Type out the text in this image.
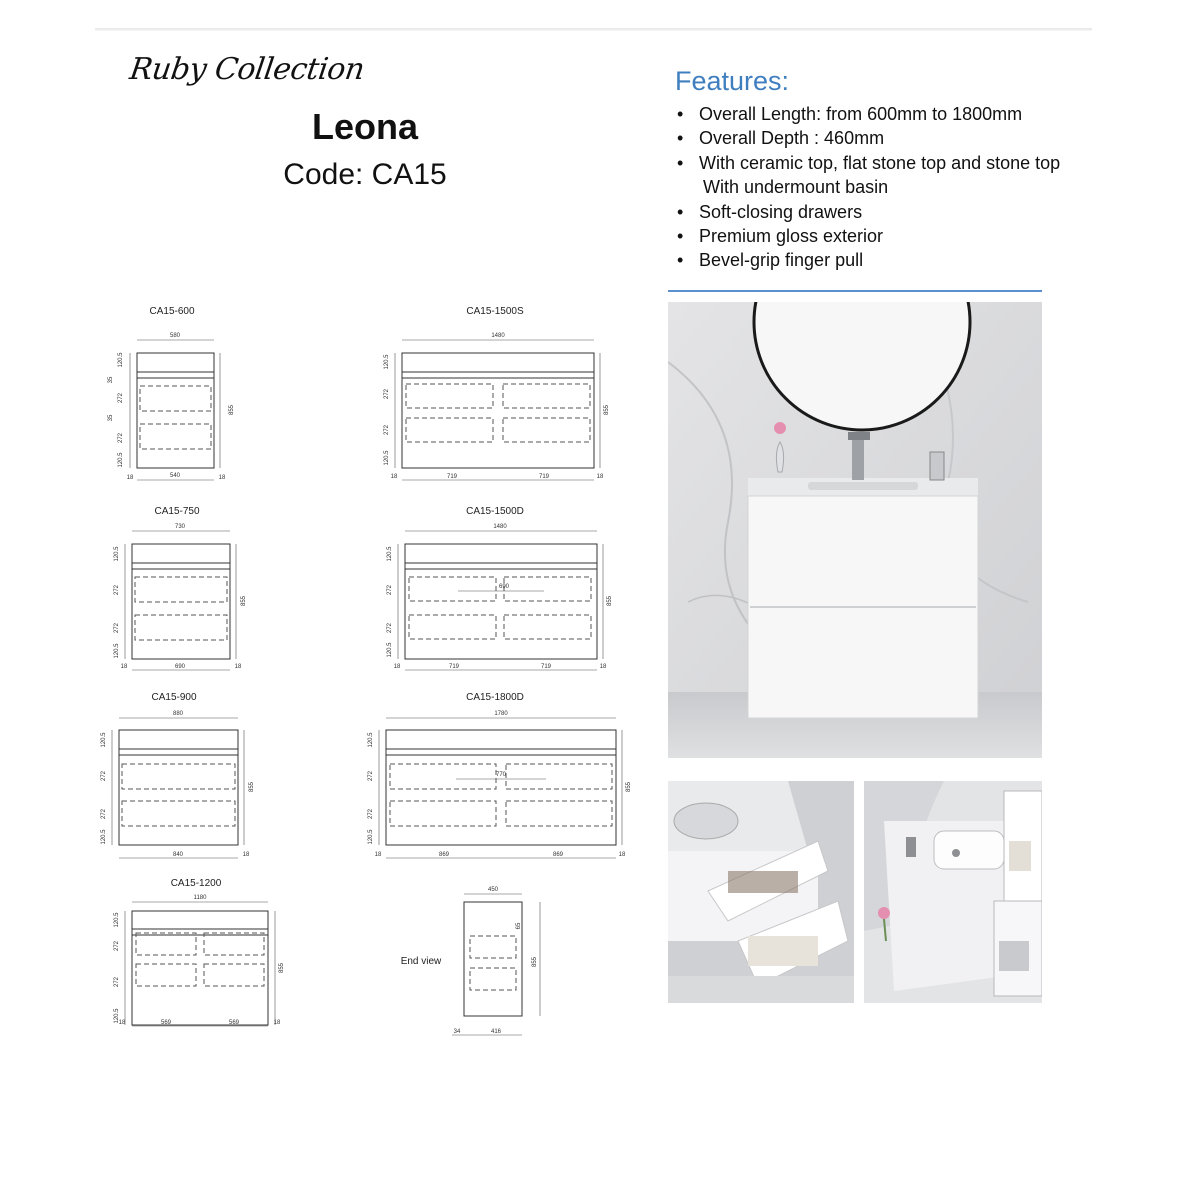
Ruby Collection
Leona
Code: CA15
Features:
• Overall Length: from 600mm to 1800mm
• Overall Depth : 460mm
• With ceramic top, flat stone top and stone top
With undermount basin
• Soft-closing drawers
• Premium gloss exterior
• Bevel-grip finger pull
CA15-600
580
855
120.5
35
272
35
272
120.5
540
18	18
CA15-750
730
855
120.5
272
272
120.5
690
18	18
CA15-900
880
855
120.5
272
272
120.5
840	18
CA15-1200
1180
855
120.5
272
272
120.5	569	569
18	18
CA15-1500S
1480
855
120.5
272
272
120.5
719	719
18	18
CA15-1500D
1480
690
855
120.5
272
272
120.5
719	719
18	18
CA15-1800D
1780
770
855
120.5
272
272
120.5
869	869
18	18
End view
450
855
65
34	416
